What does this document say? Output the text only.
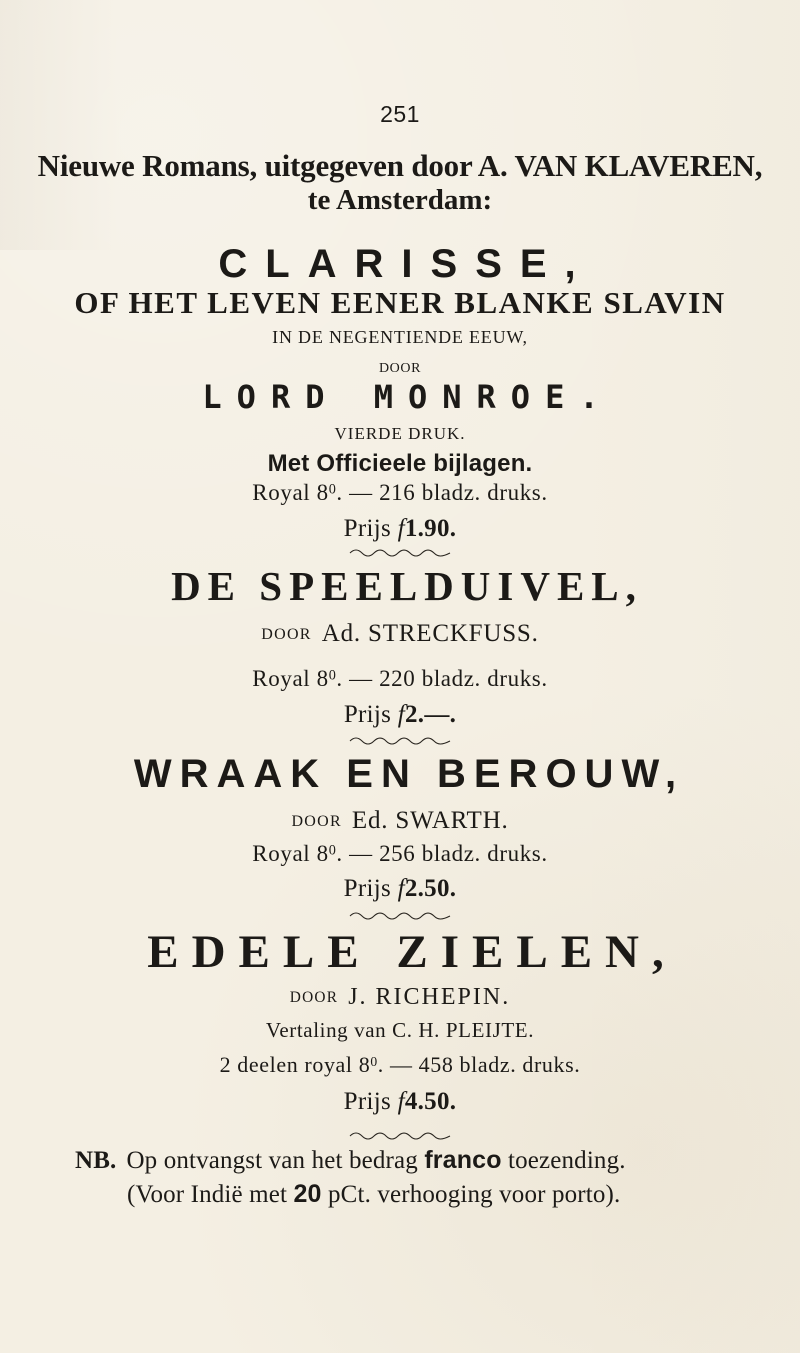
251
Nieuwe Romans, uitgegeven door A. VAN KLAVEREN,
te Amsterdam:
CLARISSE,
OF HET LEVEN EENER BLANKE SLAVIN
IN DE NEGENTIENDE EEUW,
DOOR
LORD MONROE.
VIERDE DRUK.
Met Officieele bijlagen.
Royal $8^0$. — 216 bladz. druks.
Prijs f1.90.
DE SPEELDUIVEL,
DOOR Ad. STRECKFUSS.
Royal $8^0$. — 220 bladz. druks.
Prijs f2.—.
WRAAK EN BEROUW,
DOOR Ed. SWARTH.
Royal $8^0$. — 256 bladz. druks.
Prijs f2.50.
EDELE ZIELEN,
DOOR J. RICHEPIN.
Vertaling van C. H. PLEIJTE.
2 deelen royal $8^0$. — 458 bladz. druks.
Prijs f4.50.
NB. Op ontvangst van het bedrag franco toezending.
(Voor Indië met 20 pCt. verhooging voor porto).
